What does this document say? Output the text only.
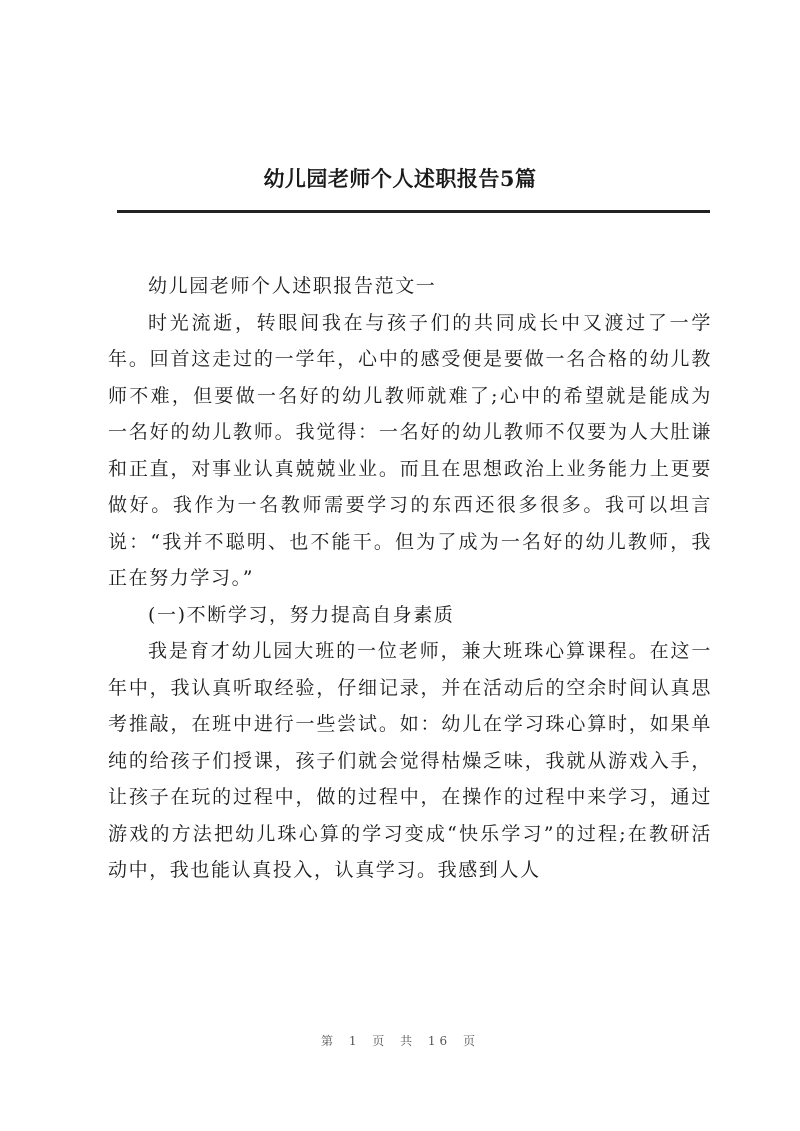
幼儿园老师个人述职报告5篇

幼儿园老师个人述职报告范文一

时光流逝，转眼间我在与孩子们的共同成长中又渡过了一学年。回首这走过的一学年，心中的感受便是要做一名合格的幼儿教师不难，但要做一名好的幼儿教师就难了;心中的希望就是能成为一名好的幼儿教师。我觉得：一名好的幼儿教师不仅要为人大肚谦和正直，对事业认真兢兢业业。而且在思想政治上业务能力上更要做好。我作为一名教师需要学习的东西还很多很多。我可以坦言说：“我并不聪明、也不能干。但为了成为一名好的幼儿教师，我正在努力学习。”

(一)不断学习，努力提高自身素质

我是育才幼儿园大班的一位老师，兼大班珠心算课程。在这一年中，我认真听取经验，仔细记录，并在活动后的空余时间认真思考推敲，在班中进行一些尝试。如：幼儿在学习珠心算时，如果单纯的给孩子们授课，孩子们就会觉得枯燥乏味，我就从游戏入手，让孩子在玩的过程中，做的过程中，在操作的过程中来学习，通过游戏的方法把幼儿珠心算的学习变成“快乐学习”的过程;在教研活动中，我也能认真投入，认真学习。我感到人人

第 1 页 共 16 页
